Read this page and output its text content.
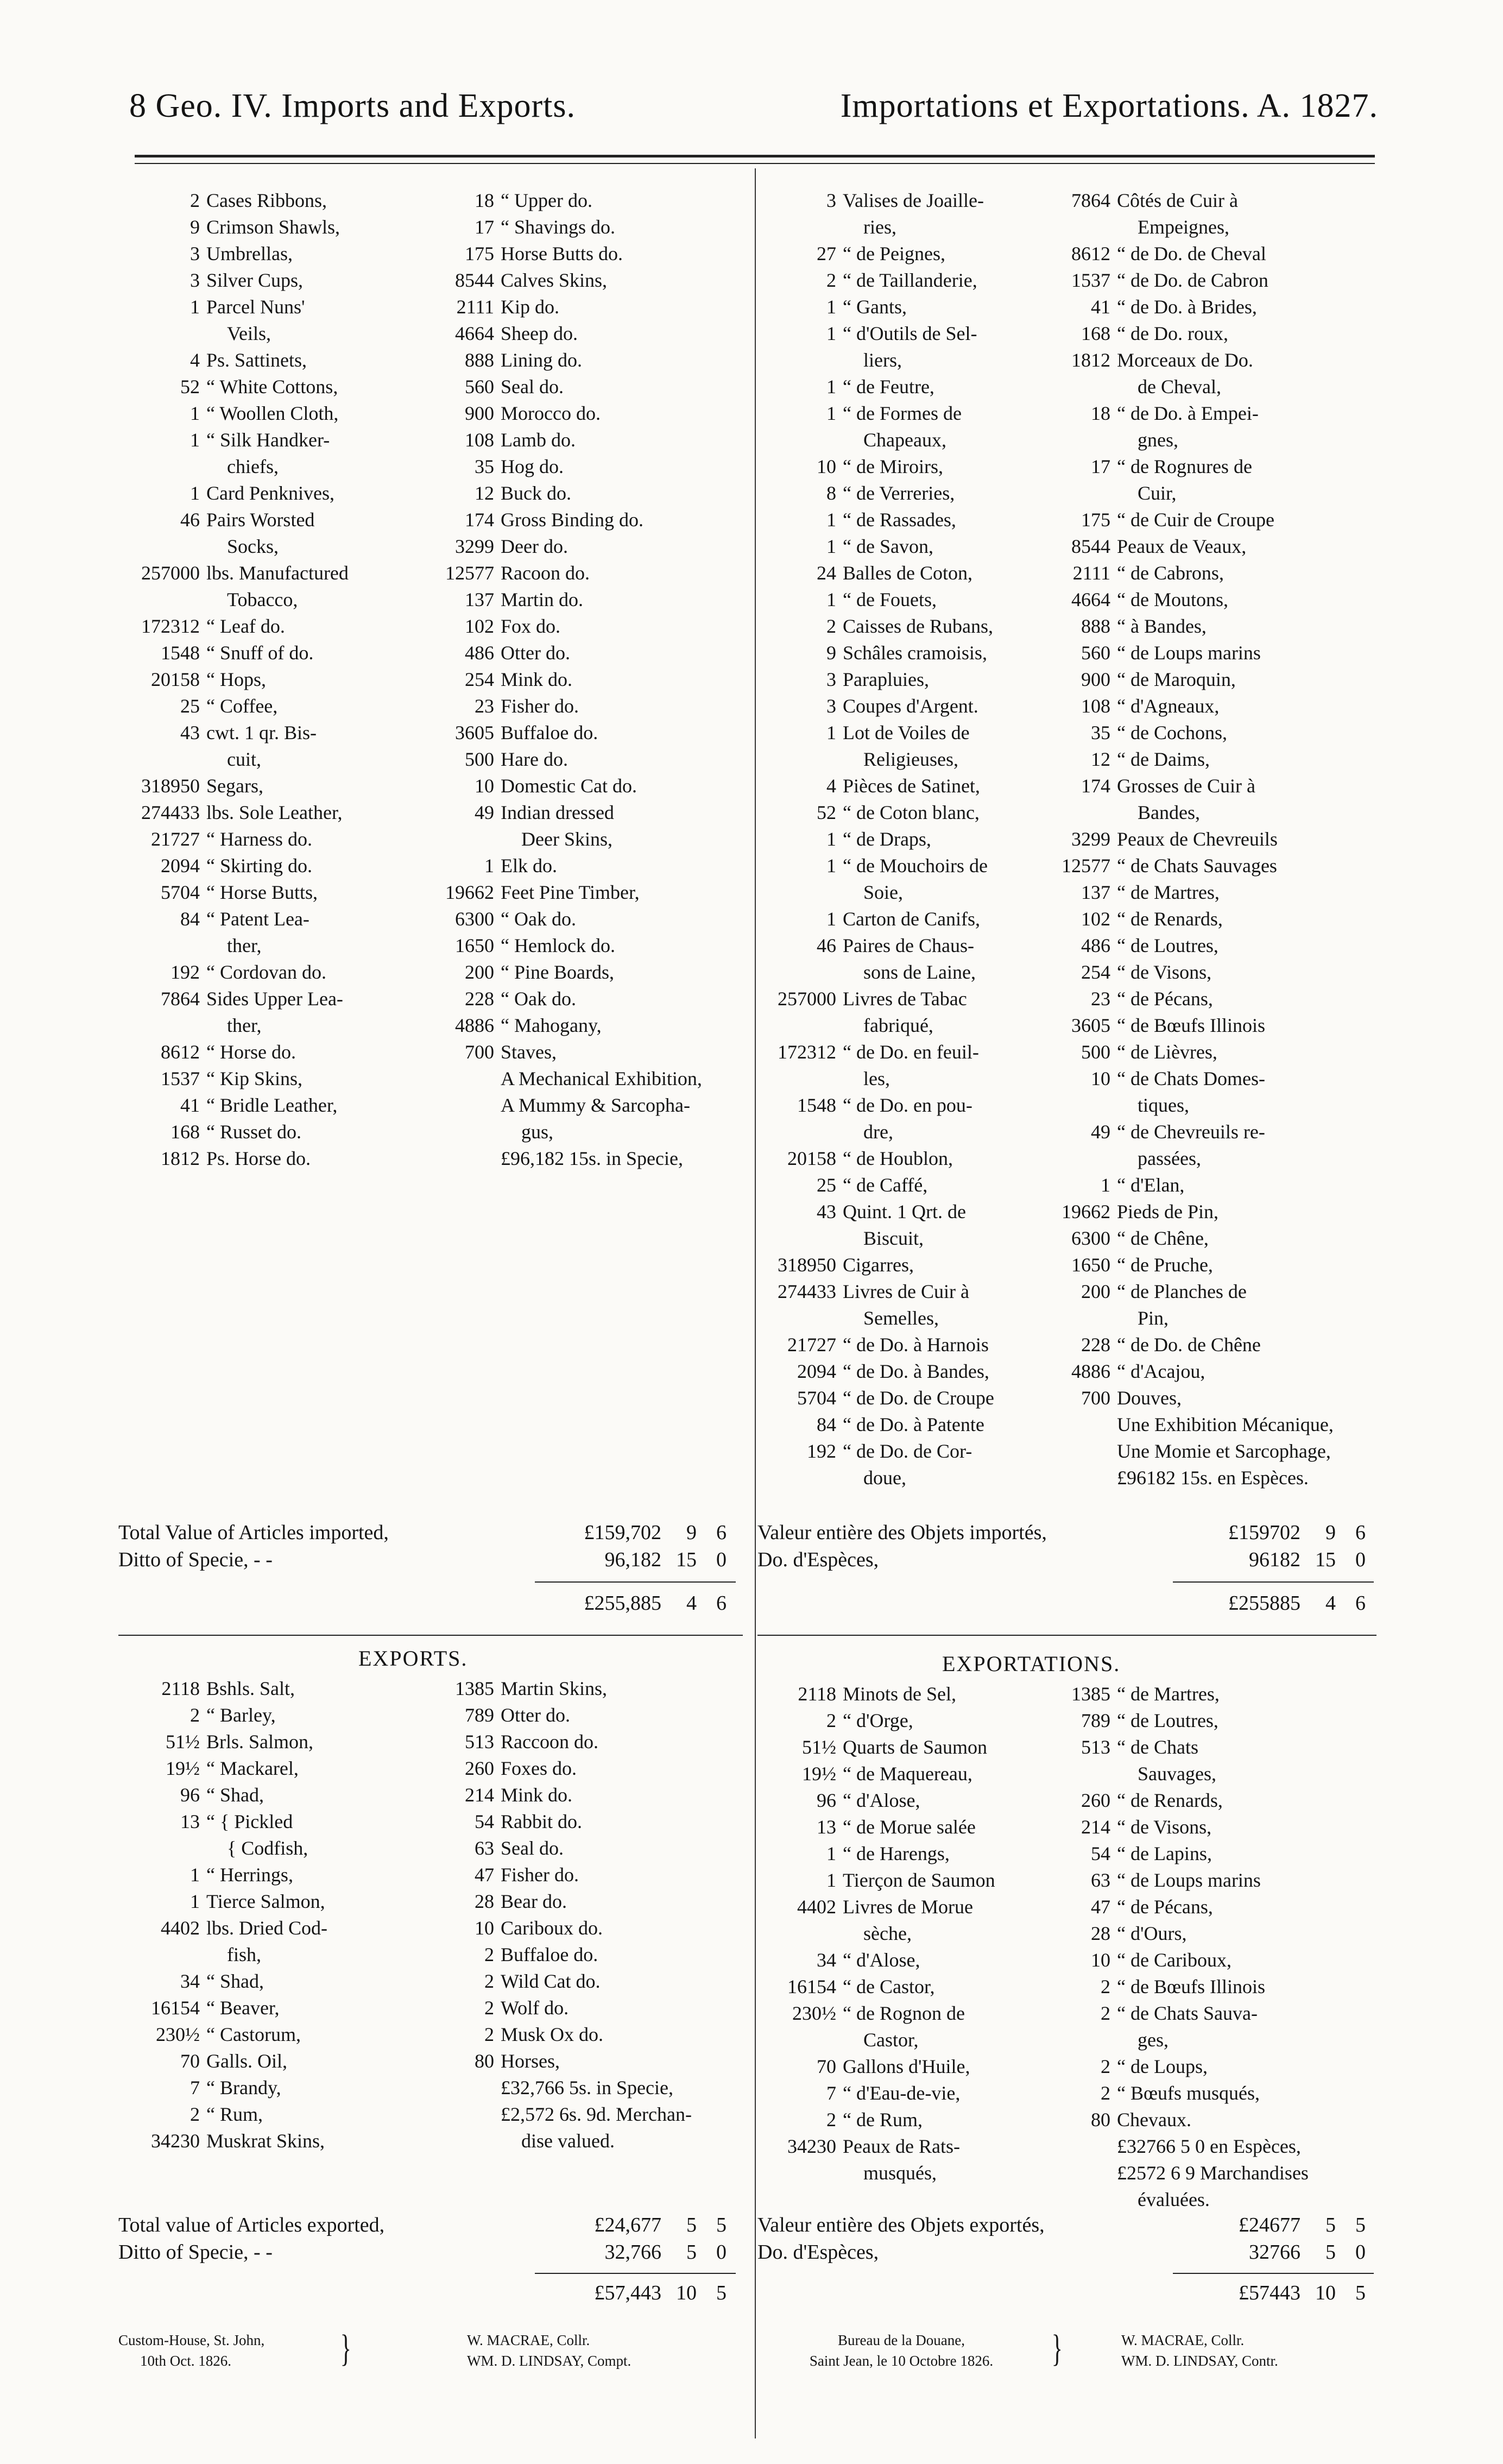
8 Geo. IV. Imports and Exports.	Importations et Exportations. A. 1827.
2 Cases Ribbons,
9 Crimson Shawls,
3 Umbrellas,
3 Silver Cups,
1 Parcel Nuns'
Veils,
4 Ps. Sattinets,
52 “ White Cottons,
1 “ Woollen Cloth,
1 “ Silk Handker-
chiefs,
1 Card Penknives,
46 Pairs Worsted
Socks,
257000 lbs. Manufactured
Tobacco,
172312 “ Leaf do.
1548 “ Snuff of do.
20158 “ Hops,
25 “ Coffee,
43 cwt. 1 qr. Bis-
cuit,
318950 Segars,
274433 lbs. Sole Leather,
21727 “ Harness do.
2094 “ Skirting do.
5704 “ Horse Butts,
84 “ Patent Lea-
ther,
192 “ Cordovan do.
7864 Sides Upper Lea-
ther,
8612 “ Horse do.
1537 “ Kip Skins,
41 “ Bridle Leather,
168 “ Russet do.
1812 Ps. Horse do.
18 “ Upper do.
17 “ Shavings do.
175 Horse Butts do.
8544 Calves Skins,
2111 Kip do.
4664 Sheep do.
888 Lining do.
560 Seal do.
900 Morocco do.
108 Lamb do.
35 Hog do.
12 Buck do.
174 Gross Binding do.
3299 Deer do.
12577 Racoon do.
137 Martin do.
102 Fox do.
486 Otter do.
254 Mink do.
23 Fisher do.
3605 Buffaloe do.
500 Hare do.
10 Domestic Cat do.
49 Indian dressed
Deer Skins,
1 Elk do.
19662 Feet Pine Timber,
6300 “ Oak do.
1650 “ Hemlock do.
200 “ Pine Boards,
228 “ Oak do.
4886 “ Mahogany,
700 Staves,
A Mechanical Exhibition,
A Mummy & Sarcopha-
gus,
£96,182 15s. in Specie,
3 Valises de Joaille-
ries,
27 “ de Peignes,
2 “ de Taillanderie,
1 “ Gants,
1 “ d'Outils de Sel-
liers,
1 “ de Feutre,
1 “ de Formes de
Chapeaux,
10 “ de Miroirs,
8 “ de Verreries,
1 “ de Rassades,
1 “ de Savon,
24 Balles de Coton,
1 “ de Fouets,
2 Caisses de Rubans,
9 Schâles cramoisis,
3 Parapluies,
3 Coupes d'Argent.
1 Lot de Voiles de
Religieuses,
4 Pièces de Satinet,
52 “ de Coton blanc,
1 “ de Draps,
1 “ de Mouchoirs de
Soie,
1 Carton de Canifs,
46 Paires de Chaus-
sons de Laine,
257000 Livres de Tabac
fabriqué,
172312 “ de Do. en feuil-
les,
1548 “ de Do. en pou-
dre,
20158 “ de Houblon,
25 “ de Caffé,
43 Quint. 1 Qrt. de
Biscuit,
318950 Cigarres,
274433 Livres de Cuir à
Semelles,
21727 “ de Do. à Harnois
2094 “ de Do. à Bandes,
5704 “ de Do. de Croupe
84 “ de Do. à Patente
192 “ de Do. de Cor-
doue,
7864 Côtés de Cuir à
Empeignes,
8612 “ de Do. de Cheval
1537 “ de Do. de Cabron
41 “ de Do. à Brides,
168 “ de Do. roux,
1812 Morceaux de Do.
de Cheval,
18 “ de Do. à Empei-
gnes,
17 “ de Rognures de
Cuir,
175 “ de Cuir de Croupe
8544 Peaux de Veaux,
2111 “ de Cabrons,
4664 “ de Moutons,
888 “ à Bandes,
560 “ de Loups marins
900 “ de Maroquin,
108 “ d'Agneaux,
35 “ de Cochons,
12 “ de Daims,
174 Grosses de Cuir à
Bandes,
3299 Peaux de Chevreuils
12577 “ de Chats Sauvages
137 “ de Martres,
102 “ de Renards,
486 “ de Loutres,
254 “ de Visons,
23 “ de Pécans,
3605 “ de Bœufs Illinois
500 “ de Lièvres,
10 “ de Chats Domes-
tiques,
49 “ de Chevreuils re-
passées,
1 “ d'Elan,
19662 Pieds de Pin,
6300 “ de Chêne,
1650 “ de Pruche,
200 “ de Planches de
Pin,
228 “ de Do. de Chêne
4886 “ d'Acajou,
700 Douves,
Une Exhibition Mécanique,
Une Momie et Sarcophage,
£96182 15s. en Espèces.
Total Value of Articles imported,	£159,702	9 6
Ditto of Specie, - -	96,182 15 0
£255,885	4 6
Valeur entière des Objets importés,	£159702	9 6
Do. d'Espèces,	96182 15 0
£255885	4 6
EXPORTS.
2118 Bshls. Salt,
2 “ Barley,
51½ Brls. Salmon,
19½ “ Mackarel,
96 “ Shad,
13 “ { Pickled
{ Codfish,
1 “ Herrings,
1 Tierce Salmon,
4402 lbs. Dried Cod-
fish,
34 “ Shad,
16154 “ Beaver,
230½ “ Castorum,
70 Galls. Oil,
7 “ Brandy,
2 “ Rum,
34230 Muskrat Skins,
1385 Martin Skins,
789 Otter do.
513 Raccoon do.
260 Foxes do.
214 Mink do.
54 Rabbit do.
63 Seal do.
47 Fisher do.
28 Bear do.
10 Cariboux do.
2 Buffaloe do.
2 Wild Cat do.
2 Wolf do.
2 Musk Ox do.
80 Horses,
£32,766 5s. in Specie,
£2,572 6s. 9d. Merchan-
dise valued.
EXPORTATIONS.
2118 Minots de Sel,
2 “ d'Orge,
51½ Quarts de Saumon
19½ “ de Maquereau,
96 “ d'Alose,
13 “ de Morue salée
1 “ de Harengs,
1 Tierçon de Saumon
4402 Livres de Morue
sèche,
34 “ d'Alose,
16154 “ de Castor,
230½ “ de Rognon de
Castor,
70 Gallons d'Huile,
7 “ d'Eau-de-vie,
2 “ de Rum,
34230 Peaux de Rats-
musqués,
1385 “ de Martres,
789 “ de Loutres,
513 “ de Chats
Sauvages,
260 “ de Renards,
214 “ de Visons,
54 “ de Lapins,
63 “ de Loups marins
47 “ de Pécans,
28 “ d'Ours,
10 “ de Cariboux,
2 “ de Bœufs Illinois
2 “ de Chats Sauva-
ges,
2 “ de Loups,
2 “ Bœufs musqués,
80 Chevaux.
£32766 5 0 en Espèces,
£2572 6 9 Marchandises
évaluées.
Total value of Articles exported,	£24,677	5 5
Ditto of Specie, - -	32,766	5 0
£57,443 10 5
Valeur entière des Objets exportés,	£24677	5 5
Do. d'Espèces,	32766	5 0
£57443 10 5
Custom-House, St. John,
10th Oct. 1826.	}	W. MACRAE, Collr.
WM. D. LINDSAY, Compt.
Bureau de la Douane,
Saint Jean, le 10 Octobre 1826.	}	W. MACRAE, Collr.
WM. D. LINDSAY, Contr.
